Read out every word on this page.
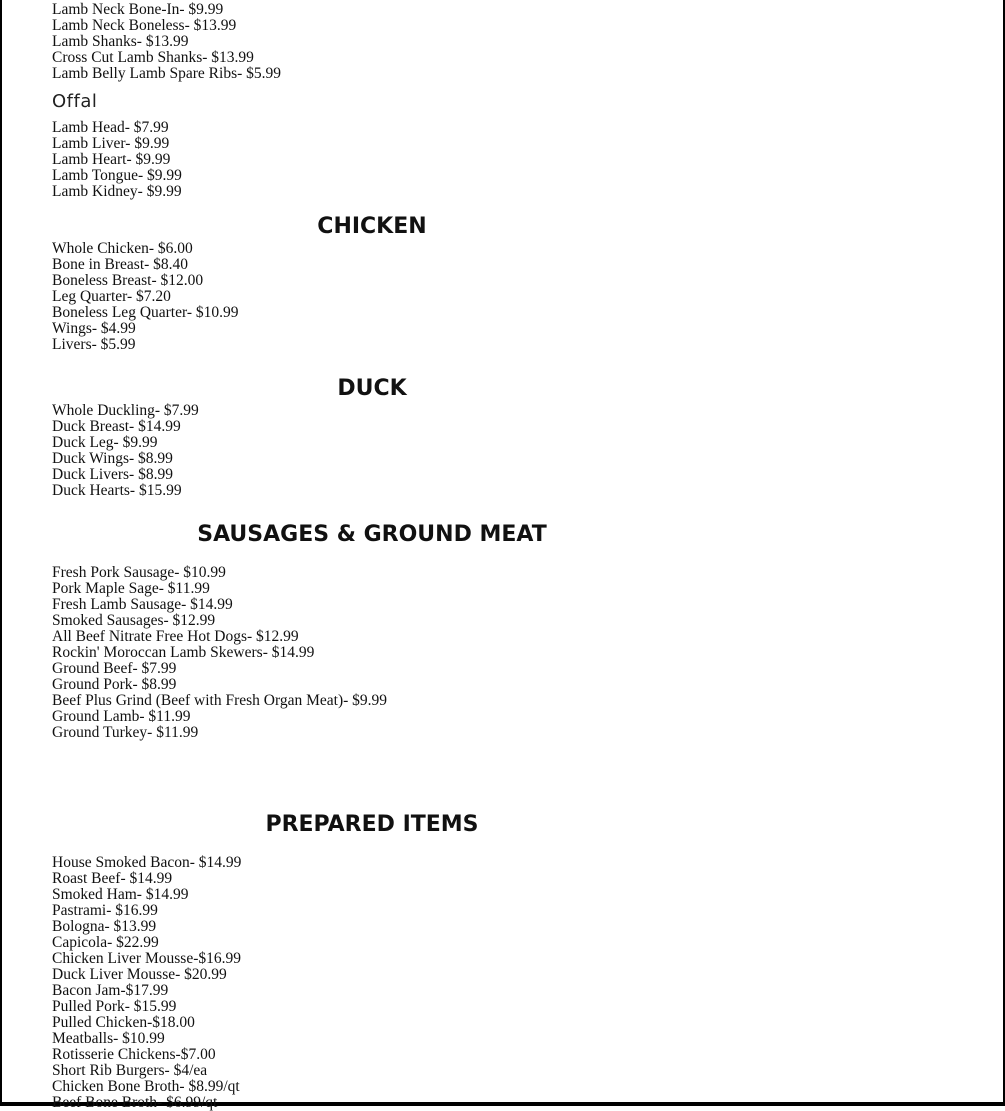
Lamb Neck Bone-In- $9.99
Lamb Neck Boneless- $13.99
Lamb Shanks- $13.99
Cross Cut Lamb Shanks- $13.99
Lamb Belly Lamb Spare Ribs- $5.99
Offal
Lamb Head- $7.99
Lamb Liver- $9.99
Lamb Heart- $9.99
Lamb Tongue- $9.99
Lamb Kidney- $9.99
CHICKEN
Whole Chicken- $6.00
Bone in Breast- $8.40
Boneless Breast- $12.00
Leg Quarter- $7.20
Boneless Leg Quarter- $10.99
Wings- $4.99
Livers- $5.99
DUCK
Whole Duckling- $7.99
Duck Breast- $14.99
Duck Leg- $9.99
Duck Wings- $8.99
Duck Livers- $8.99
Duck Hearts- $15.99
SAUSAGES & GROUND MEAT
Fresh Pork Sausage- $10.99
Pork Maple Sage- $11.99
Fresh Lamb Sausage- $14.99
Smoked Sausages- $12.99
All Beef Nitrate Free Hot Dogs- $12.99
Rockin' Moroccan Lamb Skewers- $14.99
Ground Beef- $7.99
Ground Pork- $8.99
Beef Plus Grind (Beef with Fresh Organ Meat)- $9.99
Ground Lamb- $11.99
Ground Turkey- $11.99
PREPARED ITEMS
House Smoked Bacon- $14.99
Roast Beef- $14.99
Smoked Ham- $14.99
Pastrami- $16.99
Bologna- $13.99
Capicola- $22.99
Chicken Liver Mousse-$16.99
Duck Liver Mousse- $20.99
Bacon Jam-$17.99
Pulled Pork- $15.99
Pulled Chicken-$18.00
Meatballs- $10.99
Rotisserie Chickens-$7.00
Short Rib Burgers- $4/ea
Chicken Bone Broth- $8.99/qt
Beef Bone Broth- $6.99/qt
